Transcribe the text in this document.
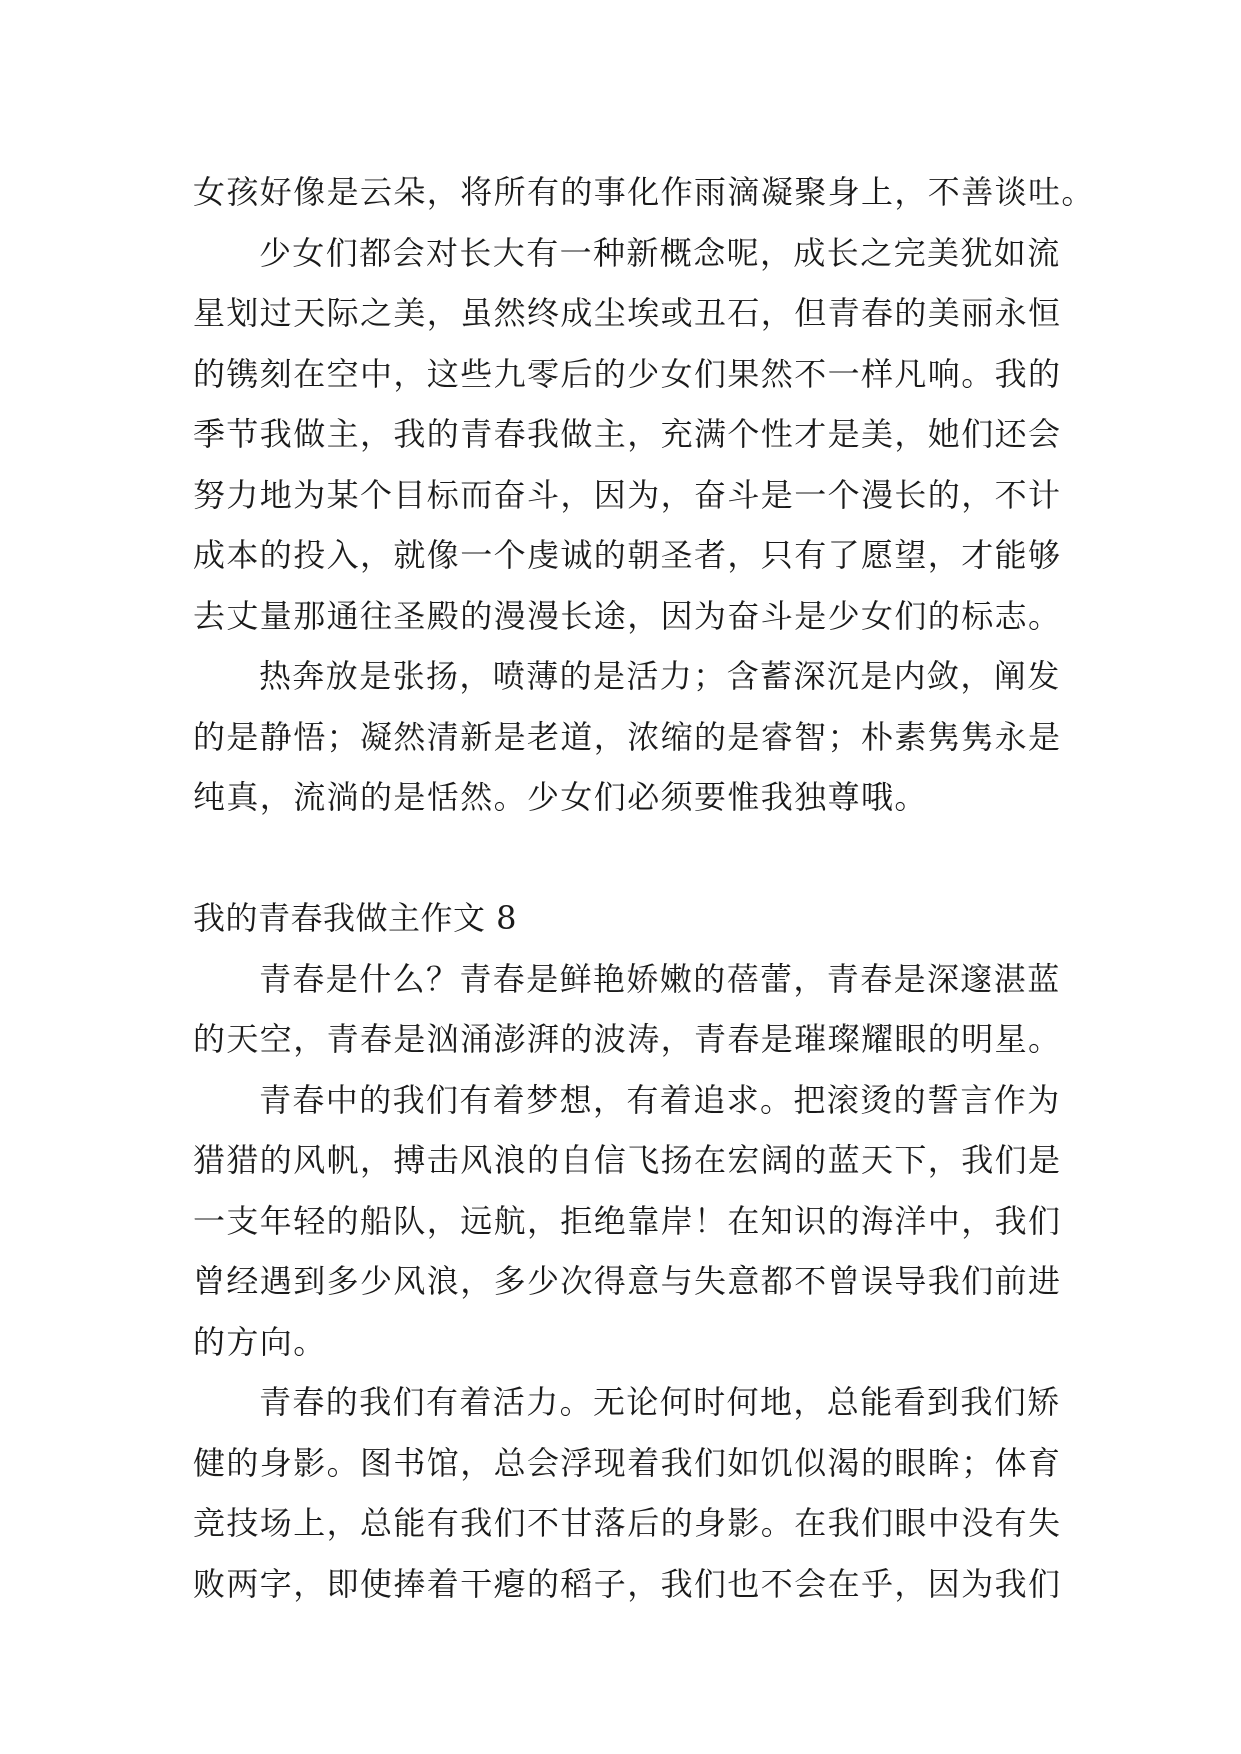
女孩好像是云朵，将所有的事化作雨滴凝聚身上，不善谈吐。
少女们都会对长大有一种新概念呢，成长之完美犹如流
星划过天际之美，虽然终成尘埃或丑石，但青春的美丽永恒
的镌刻在空中，这些九零后的少女们果然不一样凡响。我的
季节我做主，我的青春我做主，充满个性才是美，她们还会
努力地为某个目标而奋斗，因为，奋斗是一个漫长的，不计
成本的投入，就像一个虔诚的朝圣者，只有了愿望，才能够
去丈量那通往圣殿的漫漫长途，因为奋斗是少女们的标志。
热奔放是张扬，喷薄的是活力；含蓄深沉是内敛，阐发
的是静悟；凝然清新是老道，浓缩的是睿智；朴素隽隽永是
纯真，流淌的是恬然。少女们必须要惟我独尊哦。
我的青春我做主作文 8
青春是什么？青春是鲜艳娇嫩的蓓蕾，青春是深邃湛蓝
的天空，青春是汹涌澎湃的波涛，青春是璀璨耀眼的明星。
青春中的我们有着梦想，有着追求。把滚烫的誓言作为
猎猎的风帆，搏击风浪的自信飞扬在宏阔的蓝天下，我们是
一支年轻的船队，远航，拒绝靠岸！在知识的海洋中，我们
曾经遇到多少风浪，多少次得意与失意都不曾误导我们前进
的方向。
青春的我们有着活力。无论何时何地，总能看到我们矫
健的身影。图书馆，总会浮现着我们如饥似渴的眼眸；体育
竞技场上，总能有我们不甘落后的身影。在我们眼中没有失
败两字，即使捧着干瘪的稻子，我们也不会在乎，因为我们
